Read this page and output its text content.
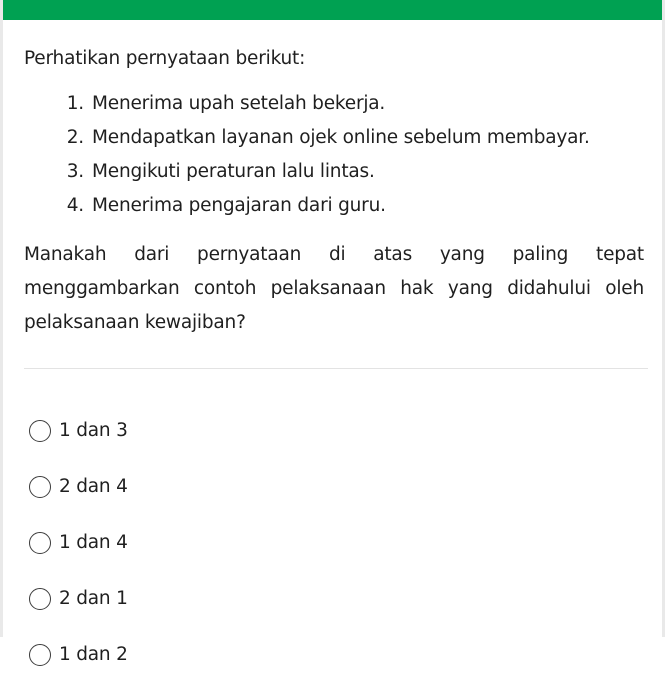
Perhatikan pernyataan berikut:

1. Menerima upah setelah bekerja.
2. Mendapatkan layanan ojek online sebelum membayar.
3. Mengikuti peraturan lalu lintas.
4. Menerima pengajaran dari guru.

Manakah dari pernyataan di atas yang paling tepat menggambarkan contoh pelaksanaan hak yang didahului oleh pelaksanaan kewajiban?

1 dan 3
2 dan 4
1 dan 4
2 dan 1
1 dan 2
